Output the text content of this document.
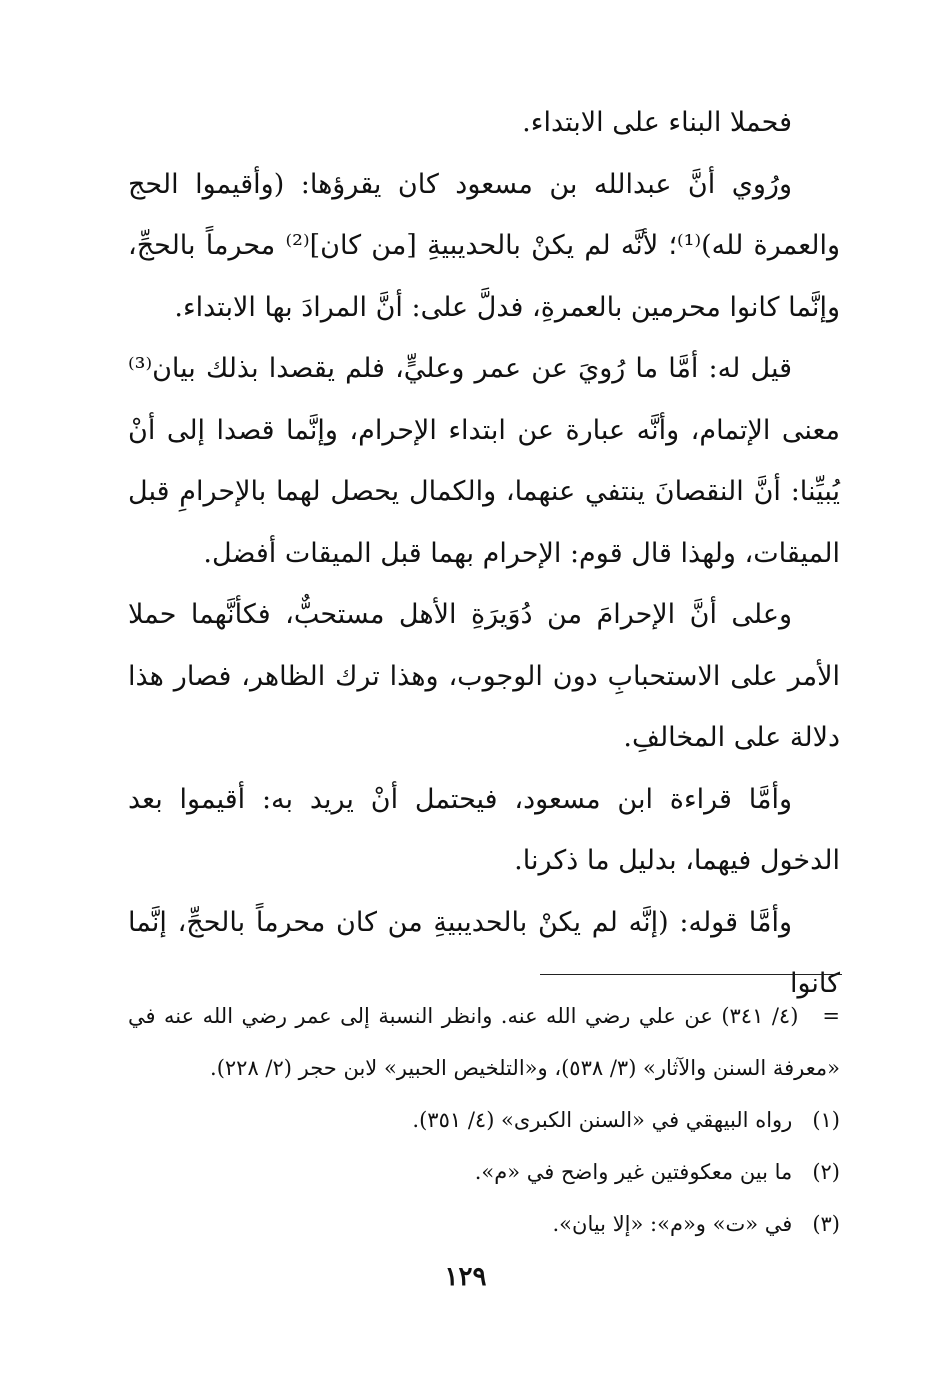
فحملا البناء على الابتداء.

ورُوي أنَّ عبدالله بن مسعود كان يقرؤها: (وأقيموا الحج والعمرة لله)⁽¹⁾؛ لأنَّه لم يكنْ بالحديبيةِ [من كان]⁽²⁾ محرماً بالحجِّ، وإنَّما كانوا محرمين بالعمرةِ، فدلَّ على: أنَّ المرادَ بها الابتداء.

قيل له: أمَّا ما رُويَ عن عمر وعليٍّ، فلم يقصدا بذلك بيان⁽³⁾ معنى الإتمام، وأنَّه عبارة عن ابتداء الإحرام، وإنَّما قصدا إلى أنْ يُبيِّنا: أنَّ النقصانَ ينتفي عنهما، والكمال يحصل لهما بالإحرامِ قبل الميقات، ولهذا قال قوم: الإحرام بهما قبل الميقات أفضل.

وعلى أنَّ الإحرامَ من دُوَيرَةِ الأهل مستحبٌّ، فكأنَّهما حملا الأمر على الاستحبابِ دون الوجوب، وهذا ترك الظاهر، فصار هذا دلالة على المخالفِ.

وأمَّا قراءة ابن مسعود، فيحتمل أنْ يريد به: أقيموا بعد الدخول فيهما، بدليل ما ذكرنا.

وأمَّا قوله: (إنَّه لم يكنْ بالحديبيةِ من كان محرماً بالحجِّ، إنَّما كانوا

=(٤/ ٣٤١) عن علي رضي الله عنه. وانظر النسبة إلى عمر رضي الله عنه في «معرفة السنن والآثار» (٣/ ٥٣٨)، و«التلخيص الحبير» لابن حجر (٢/ ٢٢٨).

(١)رواه البيهقي في «السنن الكبرى» (٤/ ٣٥١).

(٢)ما بين معكوفتين غير واضح في «م».

(٣)في «ت» و«م»: «إلا بيان».

١٢٩
